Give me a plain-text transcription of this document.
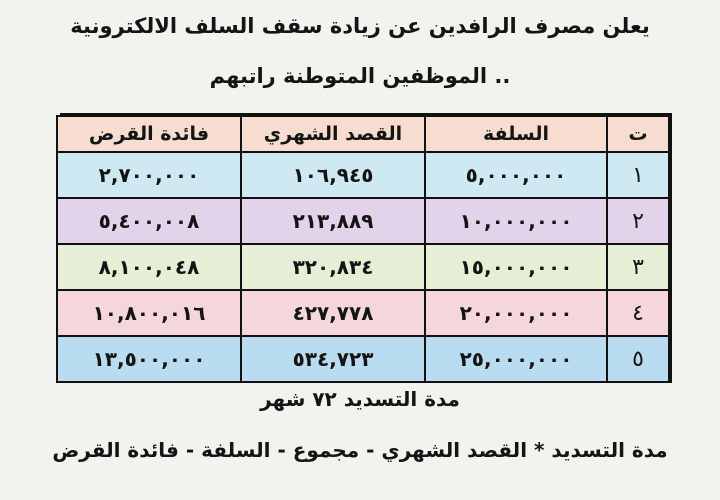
يعلن مصرف الرافدين عن زيادة سقف السلف الالكترونية
.. الموظفين المتوطنة راتبهم
ت	السلفة	القصد الشهري	فائدة القرض
١	٥,٠٠٠,٠٠٠	١٠٦,٩٤٥	٢,٧٠٠,٠٠٠
٢	١٠,٠٠٠,٠٠٠	٢١٣,٨٨٩	٥,٤٠٠,٠٠٨
٣	١٥,٠٠٠,٠٠٠	٣٢٠,٨٣٤	٨,١٠٠,٠٤٨
٤	٢٠,٠٠٠,٠٠٠	٤٢٧,٧٧٨	١٠,٨٠٠,٠١٦
٥	٢٥,٠٠٠,٠٠٠	٥٣٤,٧٢٣	١٣,٥٠٠,٠٠٠
مدة التسديد ٧٢ شهر
مدة التسديد * القصد الشهري - مجموع - السلفة - فائدة القرض
